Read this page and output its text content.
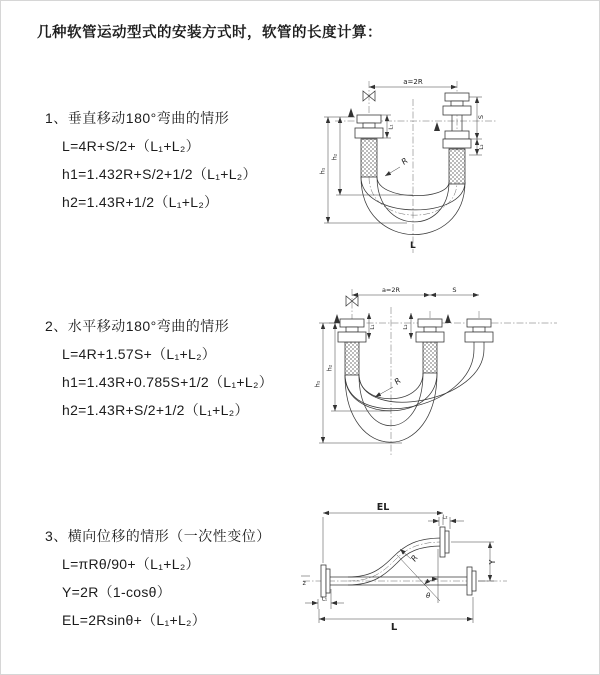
几种软管运动型式的安装方式时，软管的长度计算：
1、垂直移动180°弯曲的情形
L=4R+S/2+（L₁+L₂）
h1=1.432R+S/2+1/2（L₁+L₂）
h2=1.43R+1/2（L₁+L₂）
a=2R
S
L₂
h₂
h₁
L₁
R
L
2、水平移动180°弯曲的情形
L=4R+1.57S+（L₁+L₂）
h1=1.43R+0.785S+1/2（L₁+L₂）
h2=1.43R+S/2+1/2（L₁+L₂）
a=2R	S
h₂
h₁
L₁	L₂
R
3、横向位移的情形（一次性变位）
L=πRθ/90+（L₁+L₂）
Y=2R（1-cosθ）
EL=2Rsinθ+（L₁+L₂）
z
θ
EL
L₂
Y
L₁
L
R
